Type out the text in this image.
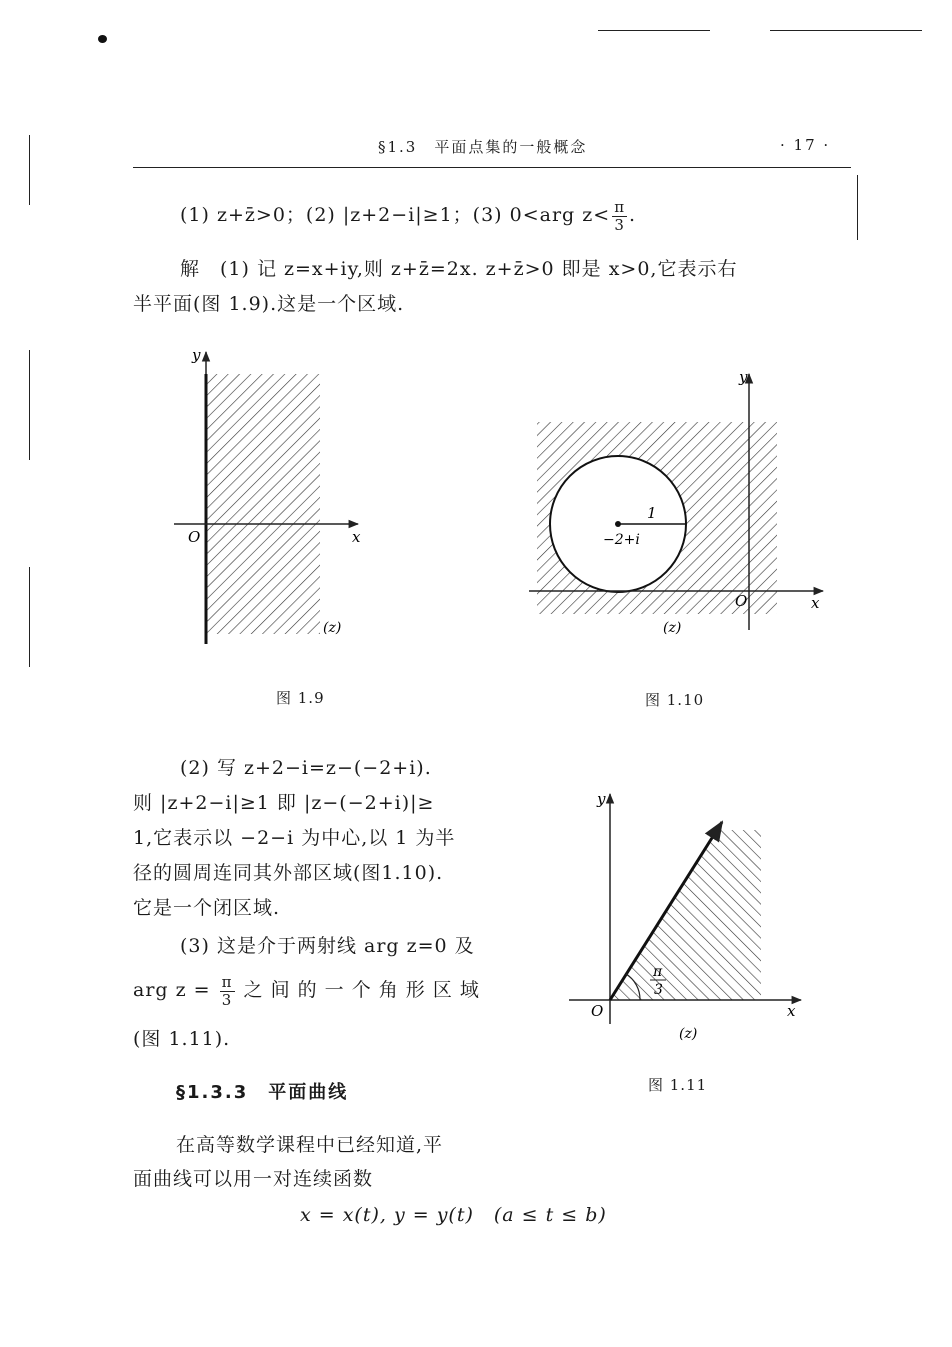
§1.3　平面点集的一般概念	· 17 ·
(1) z+z̄>0；(2) |z+2−i|≥1；(3) 0<arg $z< \frac{\pi}{3}$ .
解　(1) 记 z=x+iy,则 z+z̄=2x. z+z̄>0 即是 x>0,它表示右
半平面(图 1.9).这是一个区域.
y
x
O
(z)
图 1.9
1
−2+i
y
x
O
(z)
图 1.10
(2) 写 z+2−i=z−(−2+i).
则 |z+2−i|≥1 即 |z−(−2+i)|≥
1,它表示以 −2−i 为中心,以 1 为半
径的圆周连同其外部区域(图1.10).
它是一个闭区域.
(3) 这是介于两射线 arg z=0 及
arg $z = \frac{\pi}{3}$ 之 间 的 一 个 角 形 区 域
(图 1.11).
π
3
y
x
O
(z)
图 1.11
§1.3.3　 平面曲线
在高等数学课程中已经知道,平
面曲线可以用一对连续函数
x = x(t), y = y(t)　(a ≤ t ≤ b)
